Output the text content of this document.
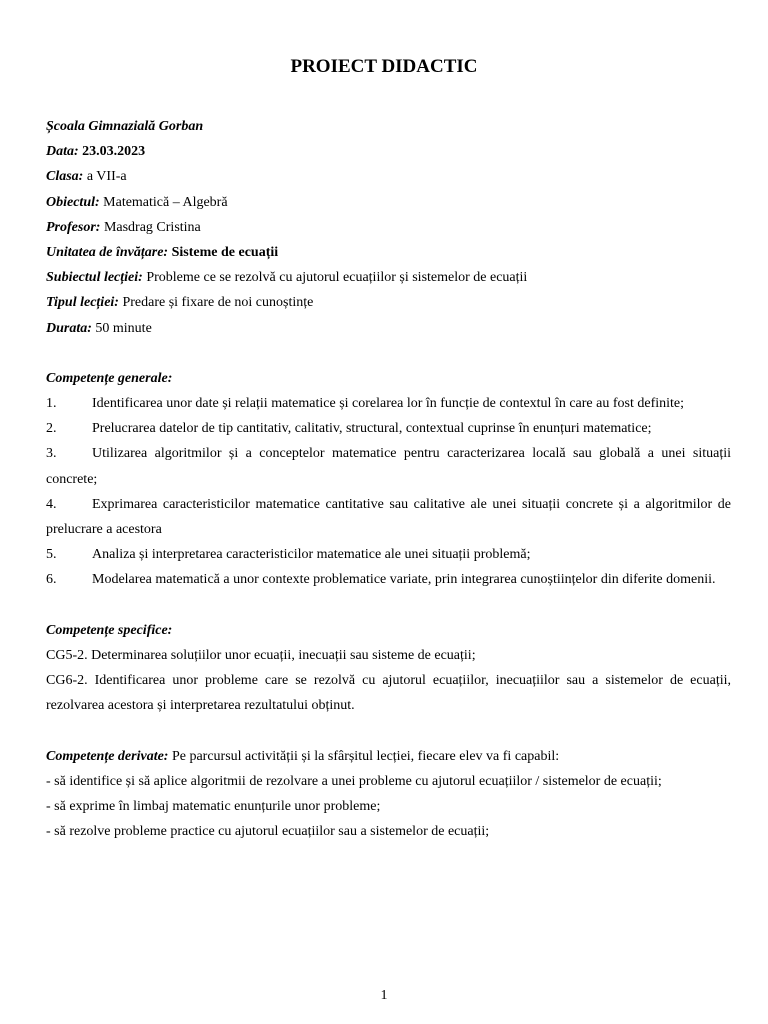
PROIECT DIDACTIC

Școala Gimnazială Gorban

Data: 23.03.2023

Clasa: a VII-a

Obiectul: Matematică – Algebră

Profesor: Masdrag Cristina

Unitatea de învățare: Sisteme de ecuații

Subiectul lecției: Probleme ce se rezolvă cu ajutorul ecuațiilor și sistemelor de ecuații

Tipul lecției: Predare și fixare de noi cunoștințe

Durata: 50 minute

Competențe generale:

1.	Identificarea unor date și relații matematice și corelarea lor în funcție de contextul în care au fost definite;

2.	Prelucrarea datelor de tip cantitativ, calitativ, structural, contextual cuprinse în enunțuri matematice;

3.	Utilizarea algoritmilor și a conceptelor matematice pentru caracterizarea locală sau globală a unei situații concrete;

4.	Exprimarea caracteristicilor matematice cantitative sau calitative ale unei situații concrete și a algoritmilor de prelucrare a acestora

5.	Analiza și interpretarea caracteristicilor matematice ale unei situații problemă;

6.	Modelarea matematică a unor contexte problematice variate, prin integrarea cunoștiințelor din diferite domenii.

Competențe specifice:

CG5-2. Determinarea soluțiilor unor ecuații, inecuații sau sisteme de ecuații;

CG6-2. Identificarea unor probleme care se rezolvă cu ajutorul ecuațiilor, inecuațiilor sau a sistemelor de ecuații, rezolvarea acestora și interpretarea rezultatului obținut.

Competențe derivate: Pe parcursul activității și la sfârșitul lecției, fiecare elev va fi capabil:

- să identifice și să aplice algoritmii de rezolvare a unei probleme cu ajutorul ecuațiilor / sistemelor de ecuații;

- să exprime în limbaj matematic enunțurile unor probleme;

- să rezolve probleme practice cu ajutorul ecuațiilor sau a sistemelor de ecuații;

1
